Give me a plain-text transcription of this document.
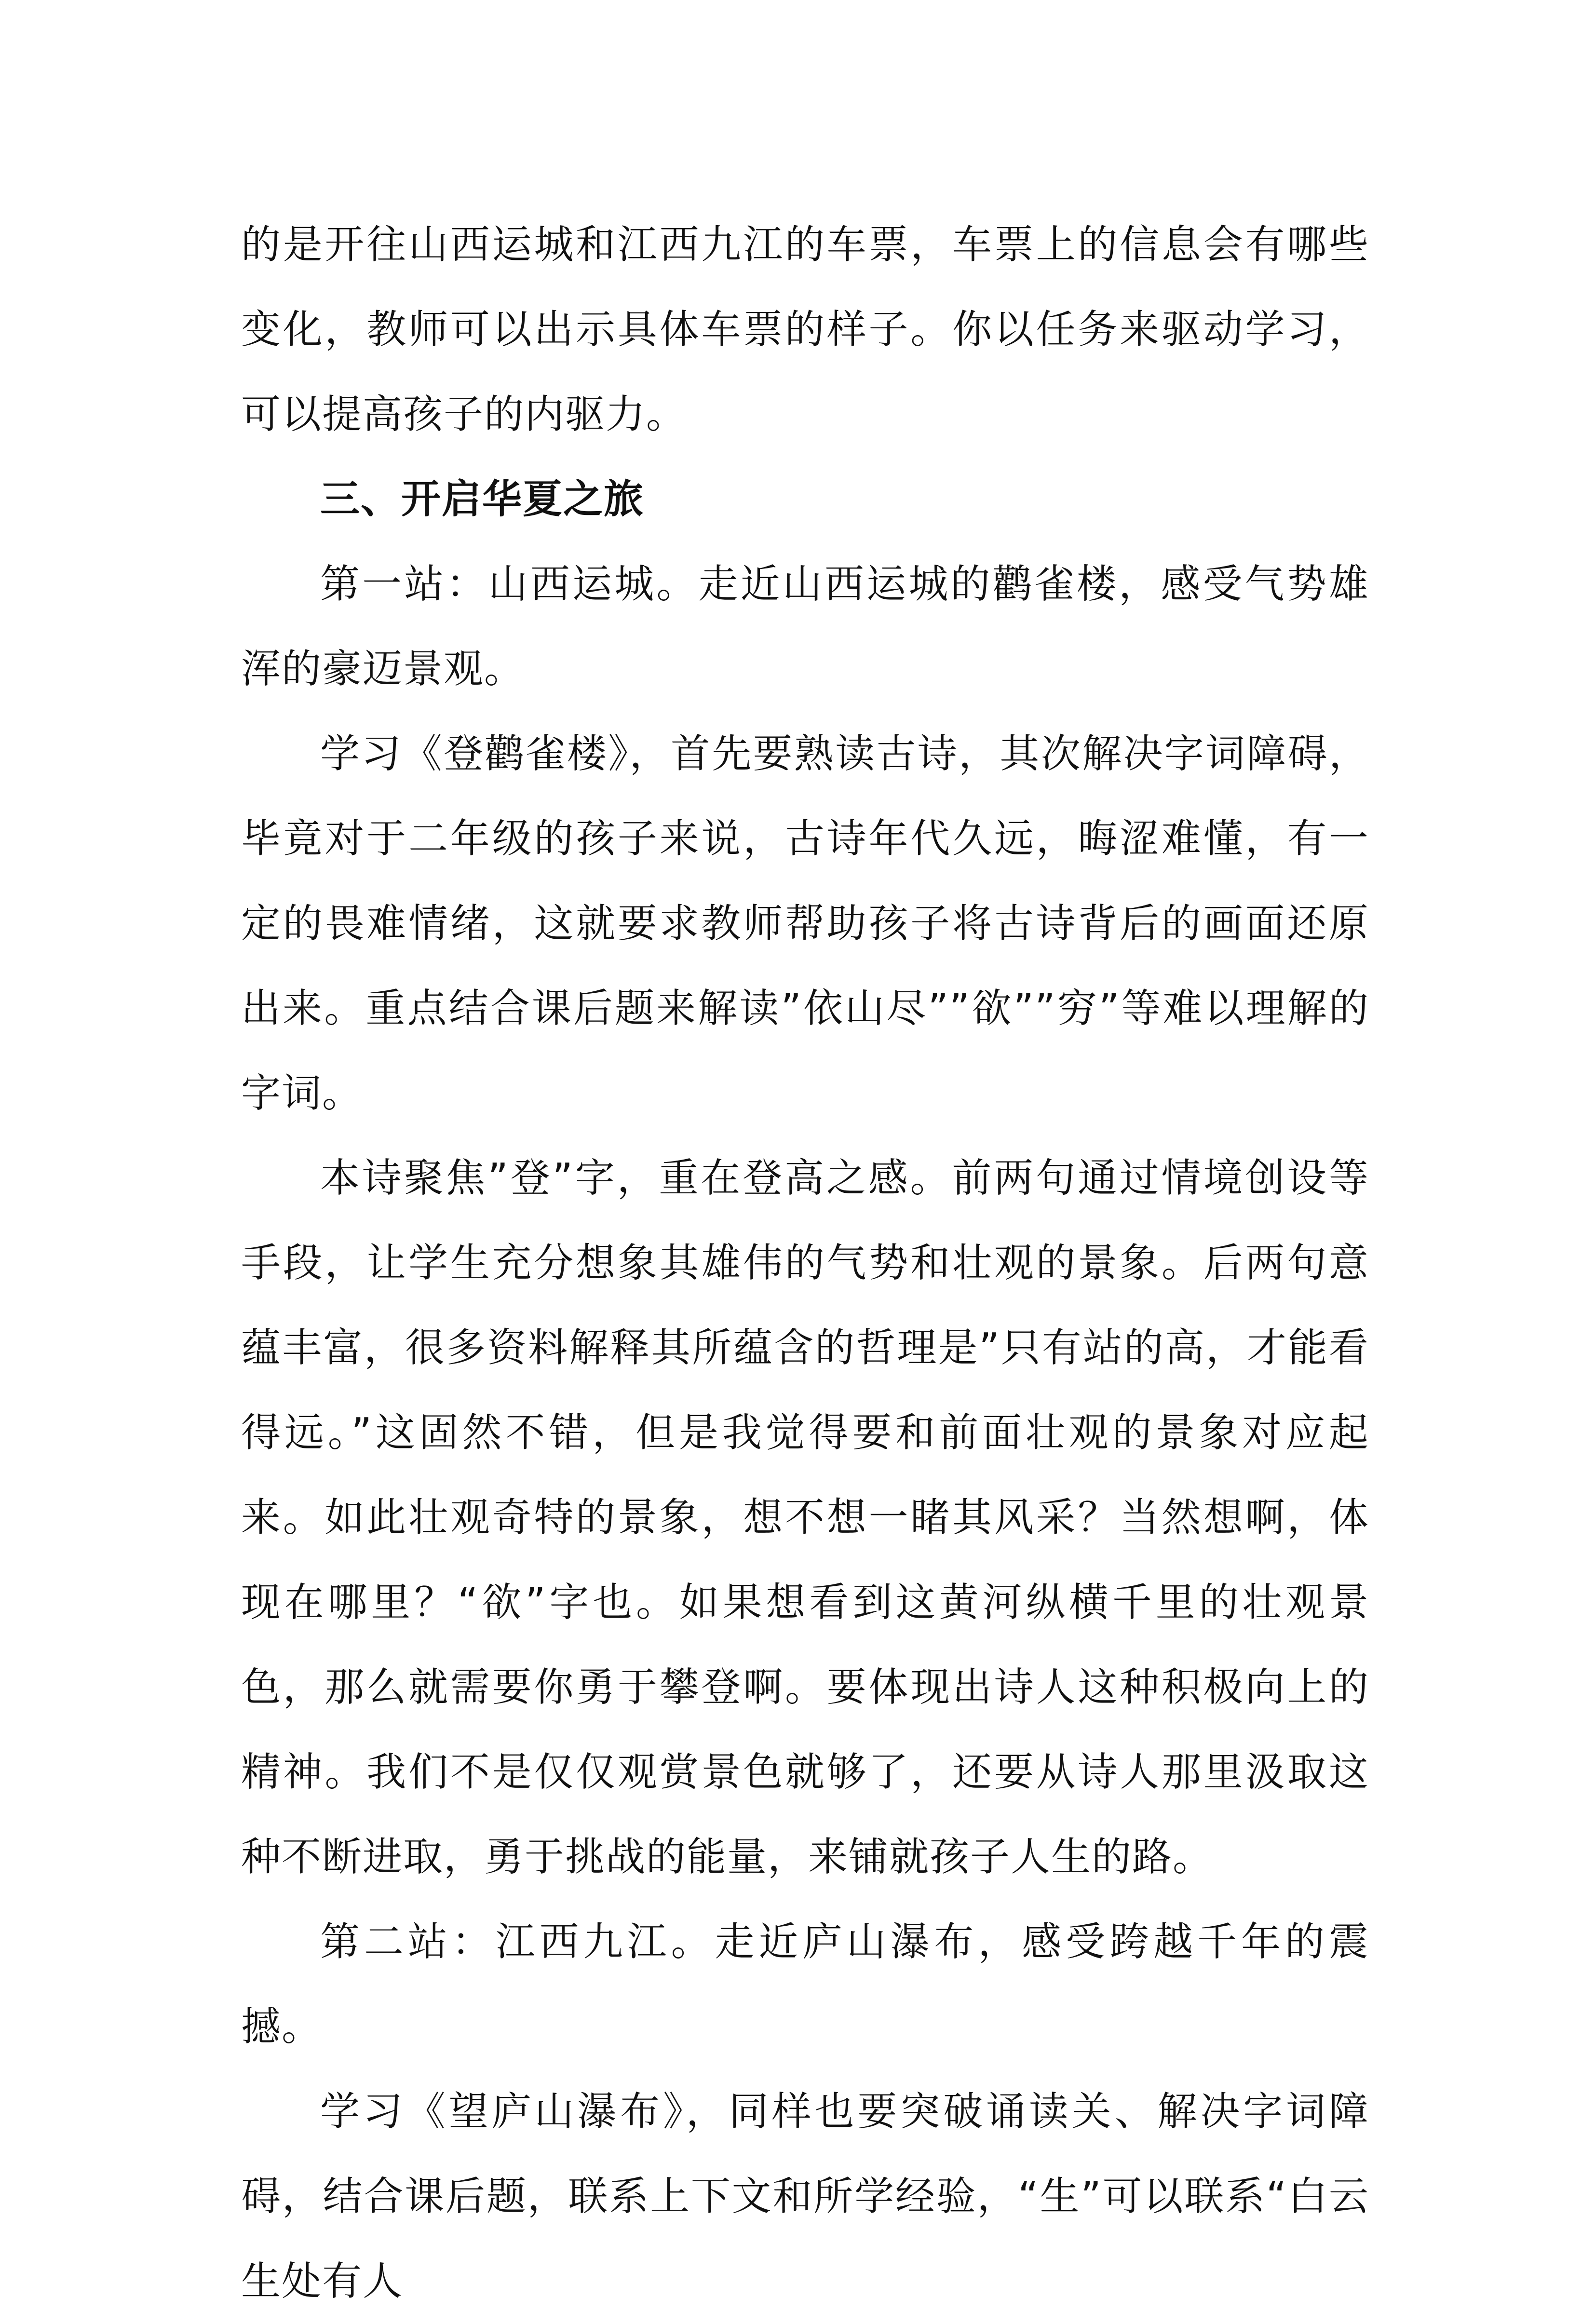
的是开往山西运城和江西九江的车票，车票上的信息会有哪些变化，教师可以出示具体车票的样子。你以任务来驱动学习，可以提高孩子的内驱力。

三、开启华夏之旅

第一站：山西运城。走近山西运城的鹳雀楼，感受气势雄浑的豪迈景观。

学习《登鹳雀楼》，首先要熟读古诗，其次解决字词障碍，毕竟对于二年级的孩子来说，古诗年代久远，晦涩难懂，有一定的畏难情绪，这就要求教师帮助孩子将古诗背后的画面还原出来。重点结合课后题来解读”依山尽””欲””穷”等难以理解的字词。

本诗聚焦”登”字，重在登高之感。前两句通过情境创设等手段，让学生充分想象其雄伟的气势和壮观的景象。后两句意蕴丰富，很多资料解释其所蕴含的哲理是”只有站的高，才能看得远。”这固然不错，但是我觉得要和前面壮观的景象对应起来。如此壮观奇特的景象，想不想一睹其风采？当然想啊，体现在哪里？“欲”字也。如果想看到这黄河纵横千里的壮观景色，那么就需要你勇于攀登啊。要体现出诗人这种积极向上的精神。我们不是仅仅观赏景色就够了，还要从诗人那里汲取这种不断进取，勇于挑战的能量，来铺就孩子人生的路。

第二站：江西九江。走近庐山瀑布，感受跨越千年的震撼。

学习《望庐山瀑布》，同样也要突破诵读关、解决字词障碍，结合课后题，联系上下文和所学经验，“生”可以联系“白云生处有人
